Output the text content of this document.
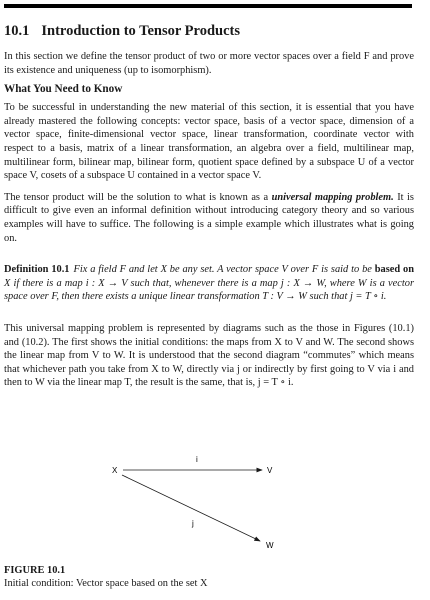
10.1 Introduction to Tensor Products

In this section we define the tensor product of two or more vector spaces over a field F and prove its existence and uniqueness (up to isomorphism).

What You Need to Know

To be successful in understanding the new material of this section, it is essential that you have already mastered the following concepts: vector space, basis of a vector space, dimension of a vector space, finite-dimensional vector space, linear transformation, coordinate vector with respect to a basis, matrix of a linear transformation, an algebra over a field, multilinear map, multilinear form, bilinear map, bilinear form, quotient space defined by a subspace U of a vector space V, cosets of a subspace U contained in a vector space V.

The tensor product will be the solution to what is known as a universal mapping problem. It is difficult to give even an informal definition without introducing category theory and so various examples will have to suffice. The following is a simple example which illustrates what is going on.

Definition 10.1 Fix a field F and let X be any set. A vector space V over F is said to be based on X if there is a map i : X → V such that, whenever there is a map j : X → W, where W is a vector space over F, then there exists a unique linear transformation T : V → W such that j = T ∘ i.

This universal mapping problem is represented by diagrams such as the those in Figures (10.1) and (10.2). The first shows the initial conditions: the maps from X to V and W. The second shows the linear map from V to W. It is understood that the second diagram “commutes” which means that whichever path you take from X to W, directly via j or indirectly by first going to V via i and then to W via the linear map T, the result is the same, that is, j = T ∘ i.

X	V
W
i
j
FIGURE 10.1
Initial condition: Vector space based on the set X
